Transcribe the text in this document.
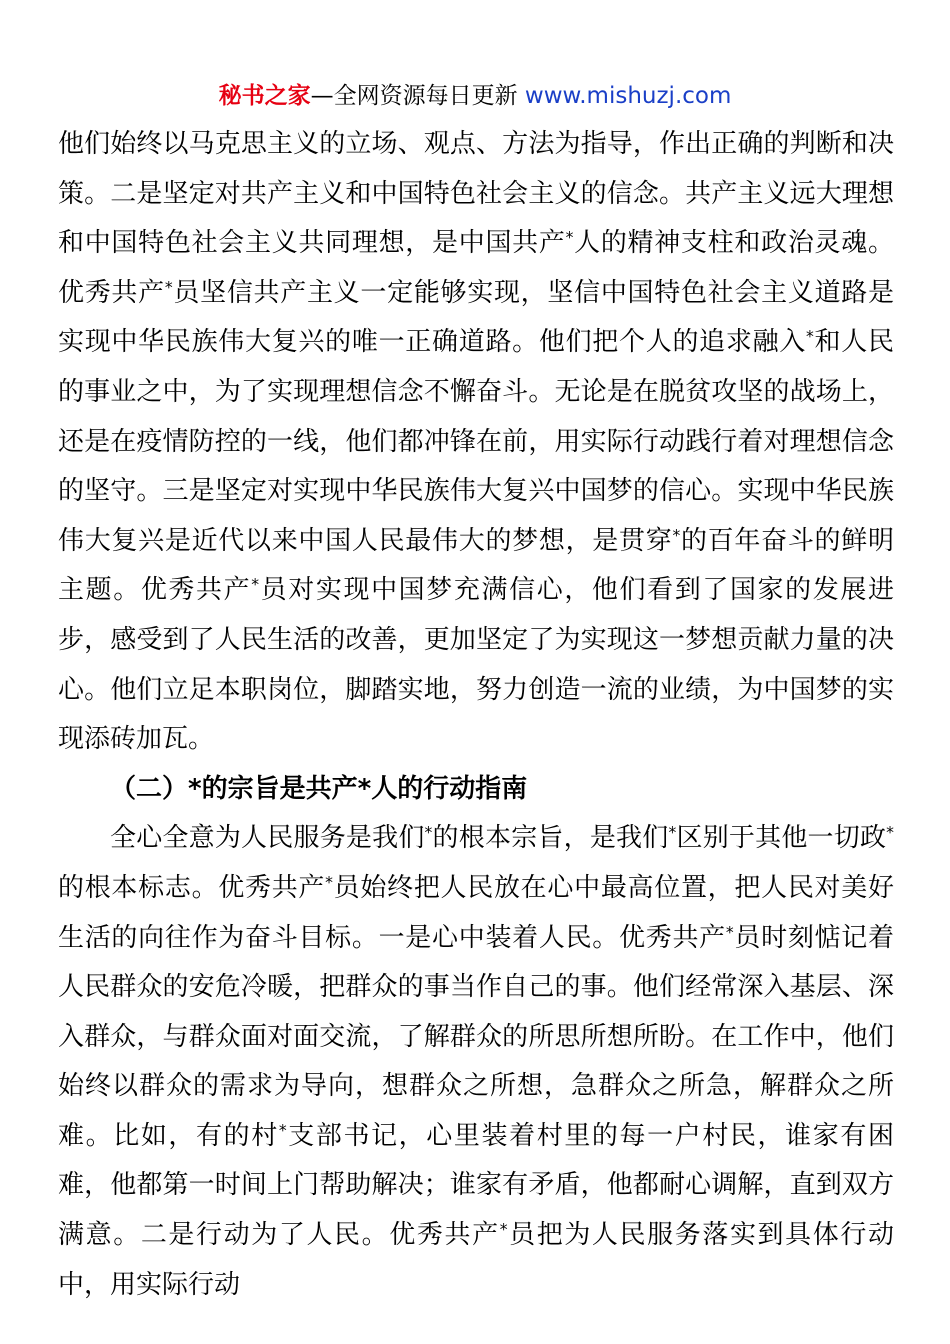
秘书之家—全网资源每日更新 www.mishuzj.com

他们始终以马克思主义的立场、观点、方法为指导，作出正确的判断和决策。二是坚定对共产主义和中国特色社会主义的信念。共产主义远大理想和中国特色社会主义共同理想，是中国共产*人的精神支柱和政治灵魂。优秀共产*员坚信共产主义一定能够实现，坚信中国特色社会主义道路是实现中华民族伟大复兴的唯一正确道路。他们把个人的追求融入*和人民的事业之中，为了实现理想信念不懈奋斗。无论是在脱贫攻坚的战场上，还是在疫情防控的一线，他们都冲锋在前，用实际行动践行着对理想信念的坚守。三是坚定对实现中华民族伟大复兴中国梦的信心。实现中华民族伟大复兴是近代以来中国人民最伟大的梦想，是贯穿*的百年奋斗的鲜明主题。优秀共产*员对实现中国梦充满信心，他们看到了国家的发展进步，感受到了人民生活的改善，更加坚定了为实现这一梦想贡献力量的决心。他们立足本职岗位，脚踏实地，努力创造一流的业绩，为中国梦的实现添砖加瓦。

（二）*的宗旨是共产*人的行动指南

全心全意为人民服务是我们*的根本宗旨，是我们*区别于其他一切政*的根本标志。优秀共产*员始终把人民放在心中最高位置，把人民对美好生活的向往作为奋斗目标。一是心中装着人民。优秀共产*员时刻惦记着人民群众的安危冷暖，把群众的事当作自己的事。他们经常深入基层、深入群众，与群众面对面交流，了解群众的所思所想所盼。在工作中，他们始终以群众的需求为导向，想群众之所想，急群众之所急，解群众之所难。比如，有的村*支部书记，心里装着村里的每一户村民，谁家有困难，他都第一时间上门帮助解决；谁家有矛盾，他都耐心调解，直到双方满意。二是行动为了人民。优秀共产*员把为人民服务落实到具体行动中，用实际行动
